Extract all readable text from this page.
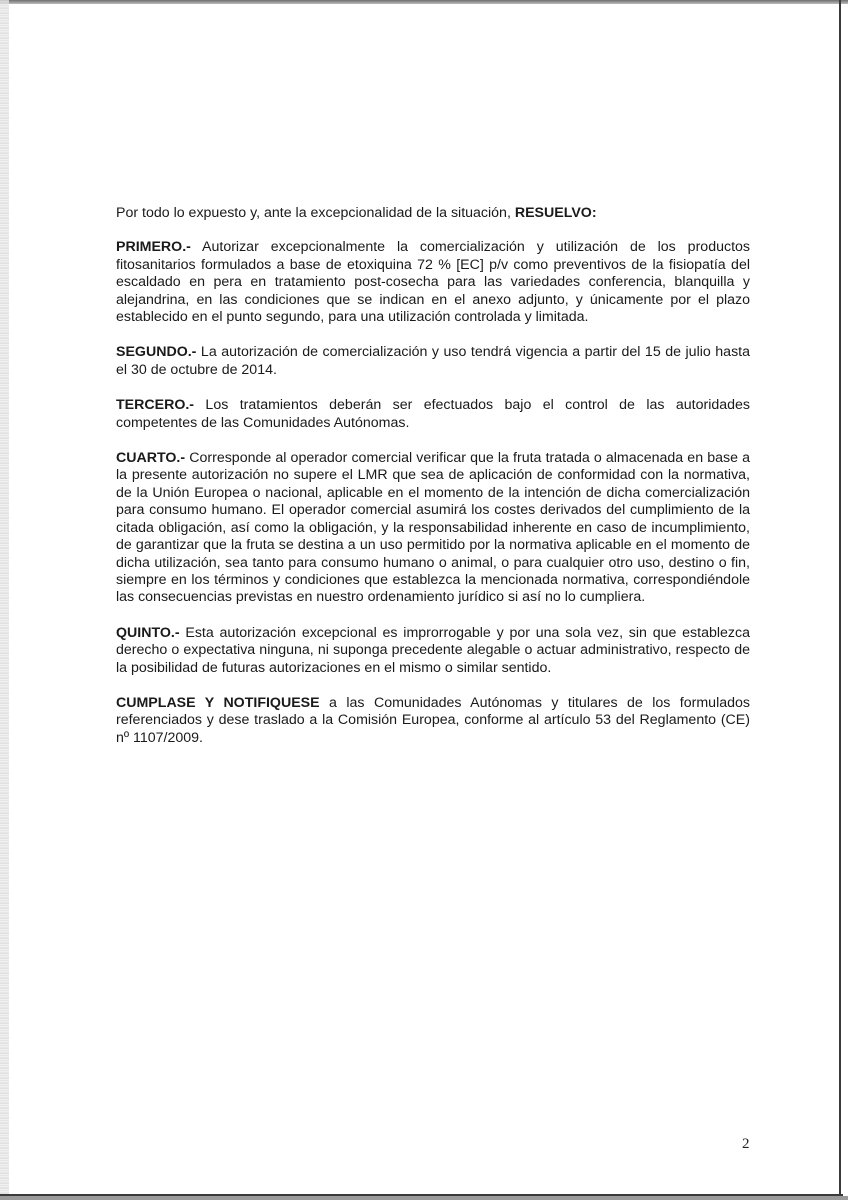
Por todo lo expuesto y, ante la excepcionalidad de la situación, RESUELVO:

PRIMERO.- Autorizar excepcionalmente la comercialización y utilización de los productos fitosanitarios formulados a base de etoxiquina 72 % [EC] p/v como preventivos de la fisiopatía del escaldado en pera en tratamiento post-cosecha para las variedades conferencia, blanquilla y alejandrina, en las condiciones que se indican en el anexo adjunto, y únicamente por el plazo establecido en el punto segundo, para una utilización controlada y limitada.

SEGUNDO.- La autorización de comercialización y uso tendrá vigencia a partir del 15 de julio hasta el 30 de octubre de 2014.

TERCERO.- Los tratamientos deberán ser efectuados bajo el control de las autoridades competentes de las Comunidades Autónomas.

CUARTO.- Corresponde al operador comercial verificar que la fruta tratada o almacenada en base a la presente autorización no supere el LMR que sea de aplicación de conformidad con la normativa, de la Unión Europea o nacional, aplicable en el momento de la intención de dicha comercialización para consumo humano. El operador comercial asumirá los costes derivados del cumplimiento de la citada obligación, así como la obligación, y la responsabilidad inherente en caso de incumplimiento, de garantizar que la fruta se destina a un uso permitido por la normativa aplicable en el momento de dicha utilización, sea tanto para consumo humano o animal, o para cualquier otro uso, destino o fin, siempre en los términos y condiciones que establezca la mencionada normativa, correspondiéndole las consecuencias previstas en nuestro ordenamiento jurídico si así no lo cumpliera.

QUINTO.- Esta autorización excepcional es improrrogable y por una sola vez, sin que establezca derecho o expectativa ninguna, ni suponga precedente alegable o actuar administrativo, respecto de la posibilidad de futuras autorizaciones en el mismo o similar sentido.

CUMPLASE Y NOTIFIQUESE a las Comunidades Autónomas y titulares de los formulados referenciados y dese traslado a la Comisión Europea, conforme al artículo 53 del Reglamento (CE) nº 1107/2009.

2
